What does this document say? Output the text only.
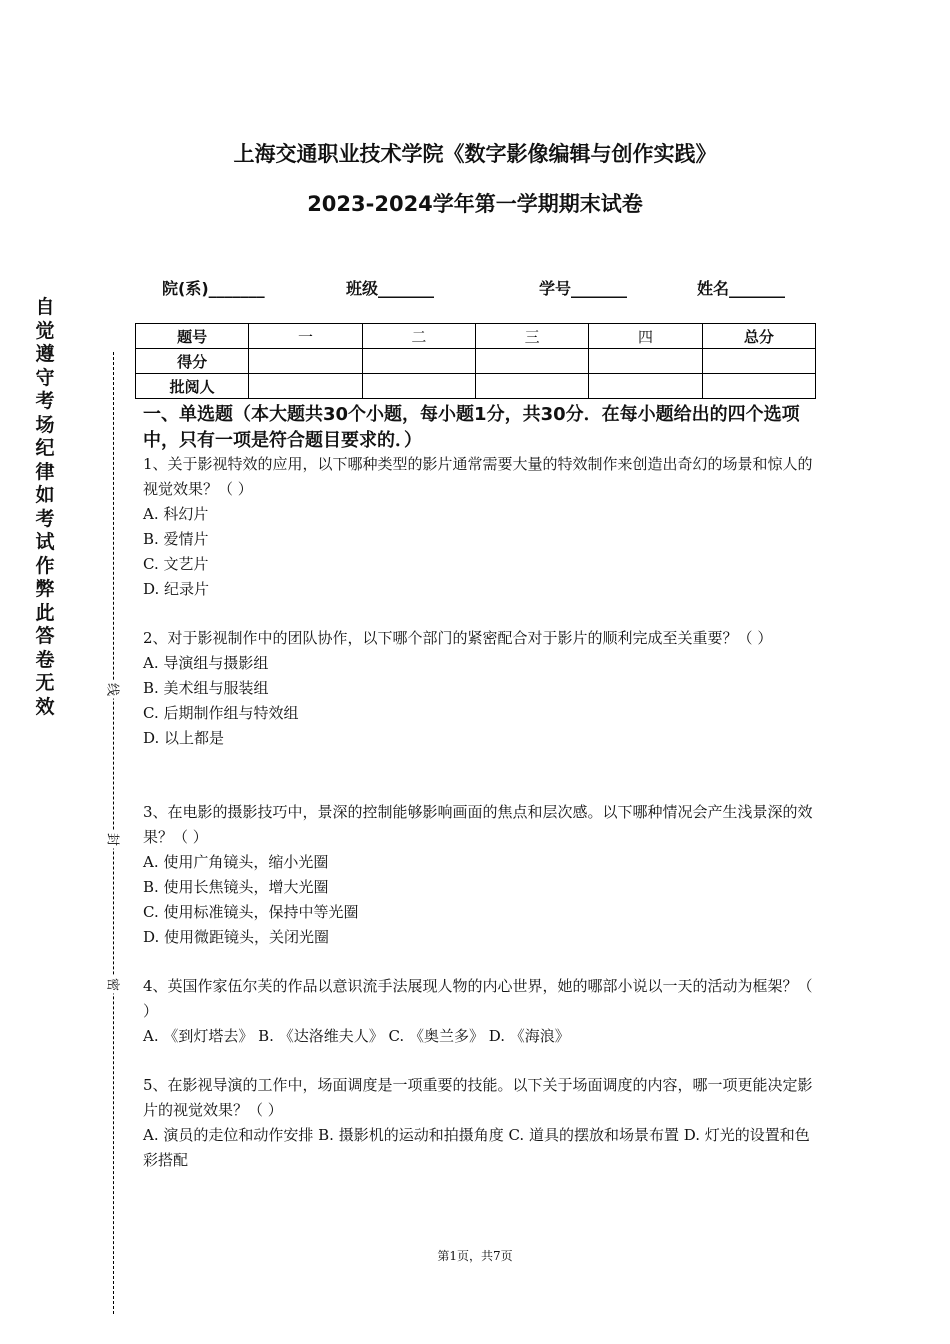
上海交通职业技术学院《数字影像编辑与创作实践》
2023-2024学年第一学期期末试卷
院(系)_______	班级_______	学号_______	姓名_______
题号	一	二	三	四	总分
得分					
批阅人					
自觉遵守考场纪律如考试作弊此答卷无效
线
封
密
一、单选题（本大题共30个小题，每小题1分，共30分．在每小题给出的四个选项中，只有一项是符合题目要求的．）
1、关于影视特效的应用，以下哪种类型的影片通常需要大量的特效制作来创造出奇幻的场景和惊人的视觉效果？（ ）
A. 科幻片
B. 爱情片
C. 文艺片
D. 纪录片
2、对于影视制作中的团队协作，以下哪个部门的紧密配合对于影片的顺利完成至关重要？（ ）
A. 导演组与摄影组
B. 美术组与服装组
C. 后期制作组与特效组
D. 以上都是
3、在电影的摄影技巧中，景深的控制能够影响画面的焦点和层次感。以下哪种情况会产生浅景深的效果？（ ）
A. 使用广角镜头，缩小光圈
B. 使用长焦镜头，增大光圈
C. 使用标准镜头，保持中等光圈
D. 使用微距镜头，关闭光圈
4、英国作家伍尔芙的作品以意识流手法展现人物的内心世界，她的哪部小说以一天的活动为框架？（ ）
A. 《到灯塔去》 B. 《达洛维夫人》 C. 《奥兰多》 D. 《海浪》
5、在影视导演的工作中，场面调度是一项重要的技能。以下关于场面调度的内容，哪一项更能决定影片的视觉效果？（ ）
A. 演员的走位和动作安排 B. 摄影机的运动和拍摄角度 C. 道具的摆放和场景布置 D. 灯光的设置和色彩搭配
第1页，共7页
